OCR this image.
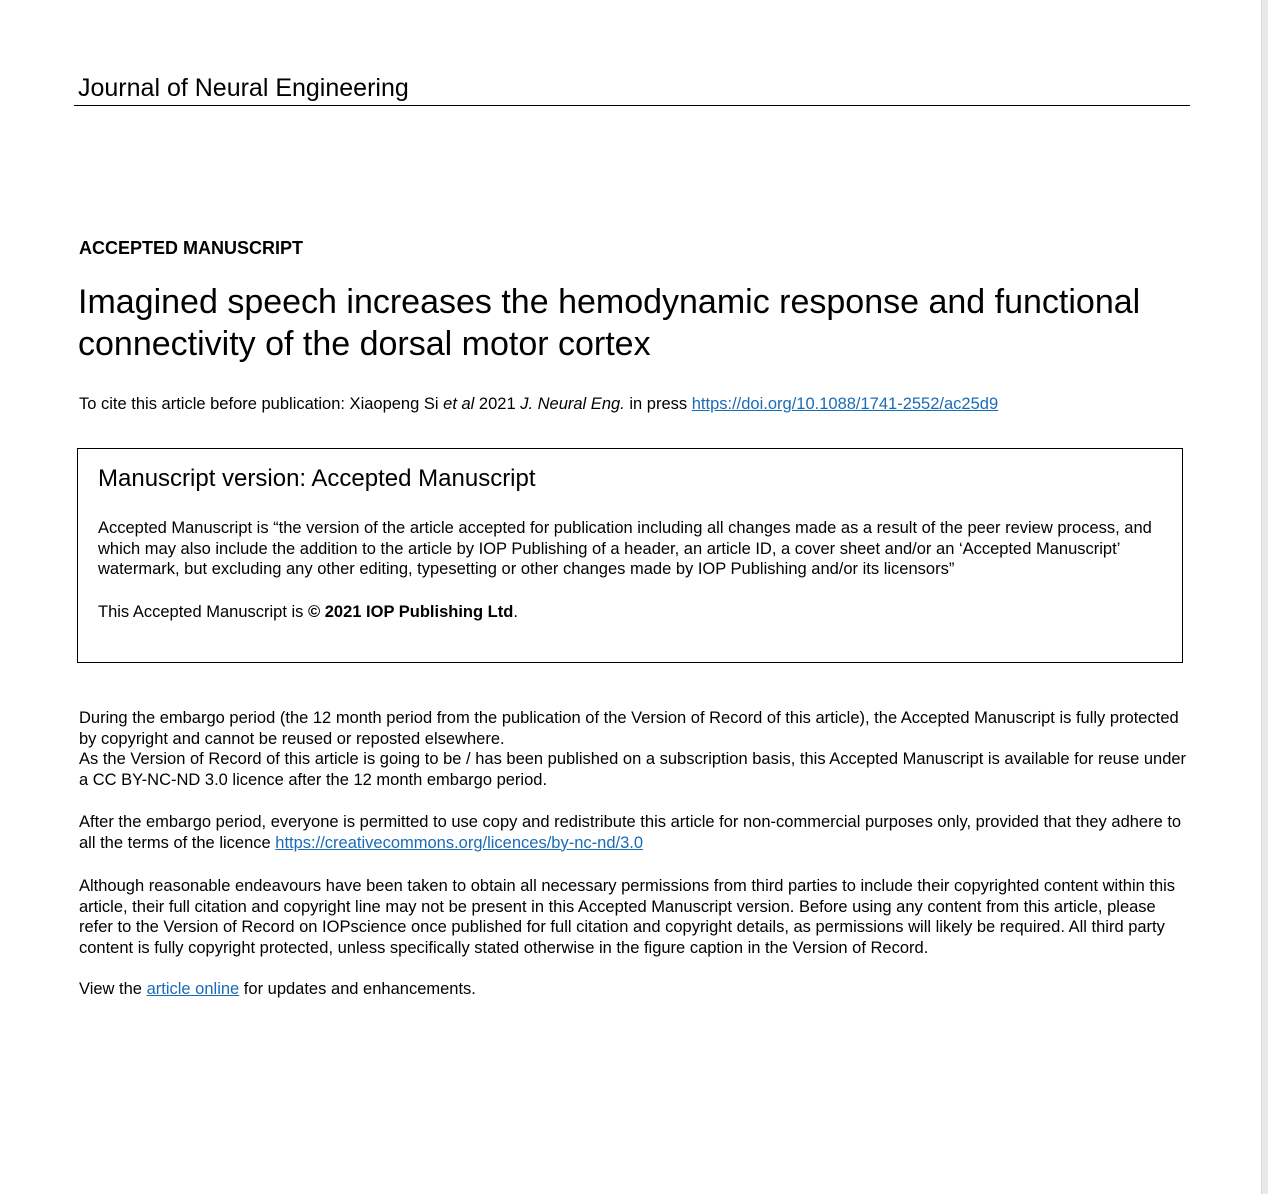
Journal of Neural Engineering
ACCEPTED MANUSCRIPT
Imagined speech increases the hemodynamic response and functional connectivity of the dorsal motor cortex
To cite this article before publication: Xiaopeng Si et al 2021 J. Neural Eng. in press https://doi.org/10.1088/1741-2552/ac25d9
Manuscript version: Accepted Manuscript
Accepted Manuscript is “the version of the article accepted for publication including all changes made as a result of the peer review process, and which may also include the addition to the article by IOP Publishing of a header, an article ID, a cover sheet and/or an ‘Accepted Manuscript’ watermark, but excluding any other editing, typesetting or other changes made by IOP Publishing and/or its licensors”
This Accepted Manuscript is © 2021 IOP Publishing Ltd.
During the embargo period (the 12 month period from the publication of the Version of Record of this article), the Accepted Manuscript is fully protected by copyright and cannot be reused or reposted elsewhere.
As the Version of Record of this article is going to be / has been published on a subscription basis, this Accepted Manuscript is available for reuse under a CC BY-NC-ND 3.0 licence after the 12 month embargo period.

After the embargo period, everyone is permitted to use copy and redistribute this article for non-commercial purposes only, provided that they adhere to all the terms of the licence https://creativecommons.org/licences/by-nc-nd/3.0

Although reasonable endeavours have been taken to obtain all necessary permissions from third parties to include their copyrighted content within this article, their full citation and copyright line may not be present in this Accepted Manuscript version. Before using any content from this article, please refer to the Version of Record on IOPscience once published for full citation and copyright details, as permissions will likely be required. All third party content is fully copyright protected, unless specifically stated otherwise in the figure caption in the Version of Record.

View the article online for updates and enhancements.
